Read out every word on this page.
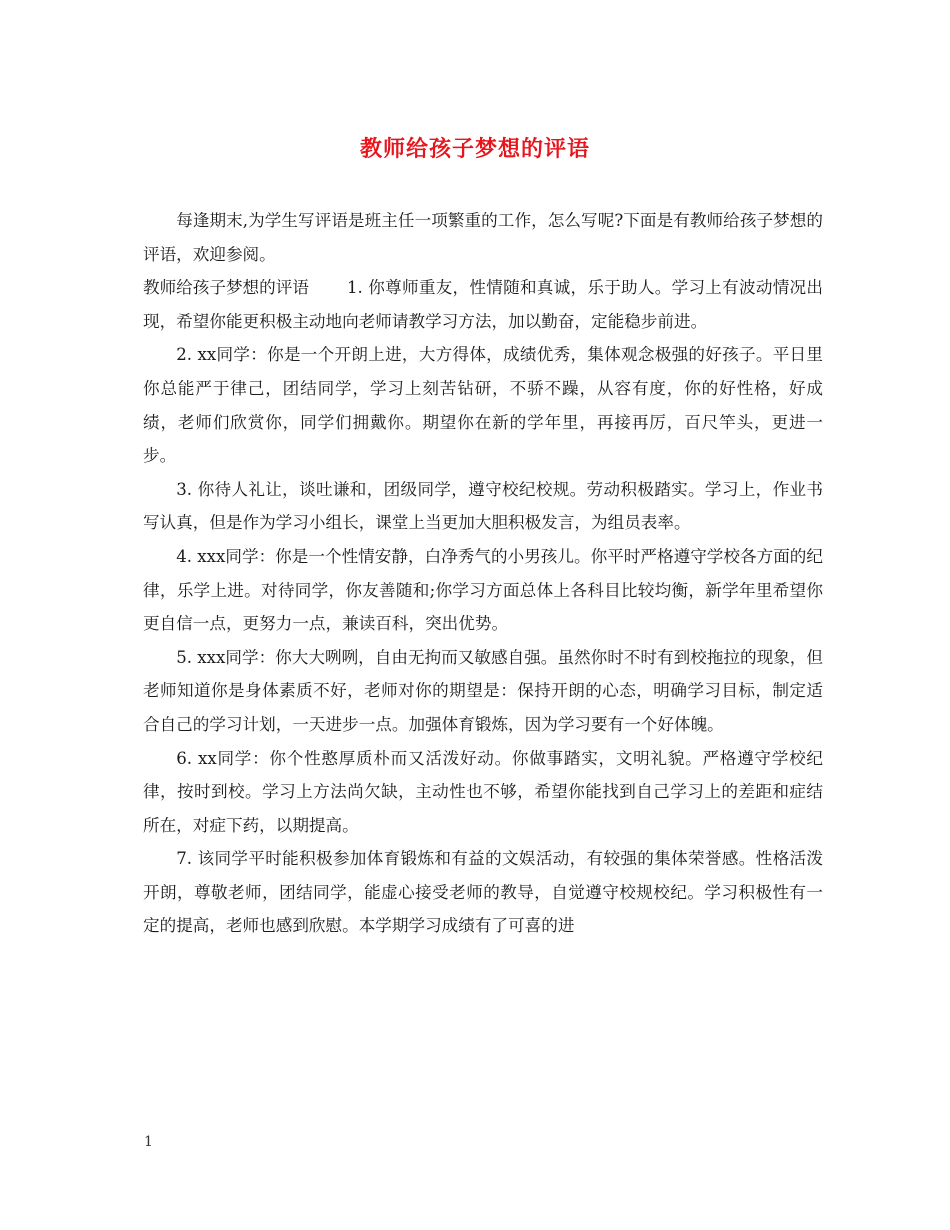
教师给孩子梦想的评语

每逢期末,为学生写评语是班主任一项繁重的工作，怎么写呢?下面是有教师给孩子梦想的评语，欢迎参阅。

教师给孩子梦想的评语 1. 你尊师重友，性情随和真诚，乐于助人。学习上有波动情况出现，希望你能更积极主动地向老师请教学习方法，加以勤奋，定能稳步前进。

2. xx同学：你是一个开朗上进，大方得体，成绩优秀，集体观念极强的好孩子。平日里你总能严于律己，团结同学，学习上刻苦钻研，不骄不躁，从容有度，你的好性格，好成绩，老师们欣赏你，同学们拥戴你。期望你在新的学年里，再接再厉，百尺竿头，更进一步。

3. 你待人礼让，谈吐谦和，团级同学，遵守校纪校规。劳动积极踏实。学习上，作业书写认真，但是作为学习小组长，课堂上当更加大胆积极发言，为组员表率。

4. xxx同学：你是一个性情安静，白净秀气的小男孩儿。你平时严格遵守学校各方面的纪律，乐学上进。对待同学，你友善随和;你学习方面总体上各科目比较均衡，新学年里希望你更自信一点，更努力一点，兼读百科，突出优势。

5. xxx同学：你大大咧咧，自由无拘而又敏感自强。虽然你时不时有到校拖拉的现象，但老师知道你是身体素质不好，老师对你的期望是：保持开朗的心态，明确学习目标，制定适合自己的学习计划，一天进步一点。加强体育锻炼，因为学习要有一个好体魄。

6. xx同学：你个性憨厚质朴而又活泼好动。你做事踏实，文明礼貌。严格遵守学校纪律，按时到校。学习上方法尚欠缺，主动性也不够，希望你能找到自己学习上的差距和症结所在，对症下药，以期提高。

7. 该同学平时能积极参加体育锻炼和有益的文娱活动，有较强的集体荣誉感。性格活泼开朗，尊敬老师，团结同学，能虚心接受老师的教导，自觉遵守校规校纪。学习积极性有一定的提高，老师也感到欣慰。本学期学习成绩有了可喜的进

1
